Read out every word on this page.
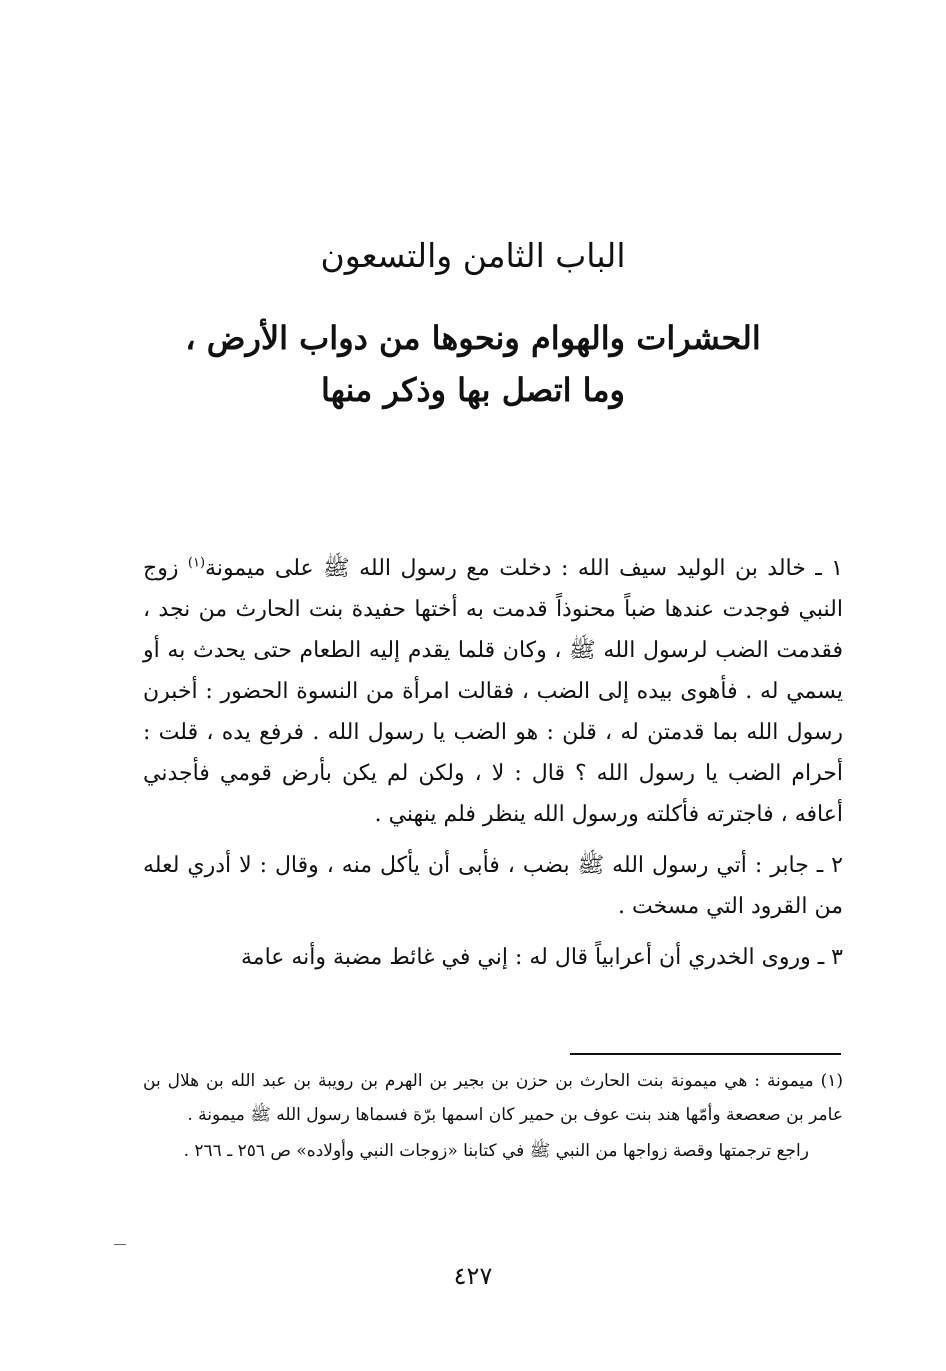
الباب الثامن والتسعون
الحشرات والهوام ونحوها من دواب الأرض ،
وما اتصل بها وذكر منها

١ ـ خالد بن الوليد سيف الله : دخلت مع رسول الله ﷺ على ميمونة$^{(١)}$ زوج النبي فوجدت عندها ضباً محنوذاً قدمت به أختها حفيدة بنت الحارث من نجد ، فقدمت الضب لرسول الله ﷺ ، وكان قلما يقدم إليه الطعام حتى يحدث به أو يسمي له . فأهوى بيده إلى الضب ، فقالت امرأة من النسوة الحضور : أخبرن رسول الله بما قدمتن له ، قلن : هو الضب يا رسول الله . فرفع يده ، قلت : أحرام الضب يا رسول الله ؟ قال : لا ، ولكن لم يكن بأرض قومي فأجدني أعافه ، فاجترته فأكلته ورسول الله ينظر فلم ينهني .

٢ ـ جابر : أتي رسول الله ﷺ بضب ، فأبى أن يأكل منه ، وقال : لا أدري لعله من القرود التي مسخت .

٣ ـ وروى الخدري أن أعرابياً قال له : إني في غائط مضبة وأنه عامة

(١) ميمونة : هي ميمونة بنت الحارث بن حزن بن بجير بن الهرم بن رويبة بن عبد الله بن هلال بن عامر بن صعصعة وأمّها هند بنت عوف بن حمير كان اسمها برّة فسماها رسول الله ﷺ ميمونة .

راجع ترجمتها وقصة زواجها من النبي ﷺ في كتابنا «زوجات النبي وأولاده» ص ٢٥٦ ـ ٢٦٦ .

٤٢٧
